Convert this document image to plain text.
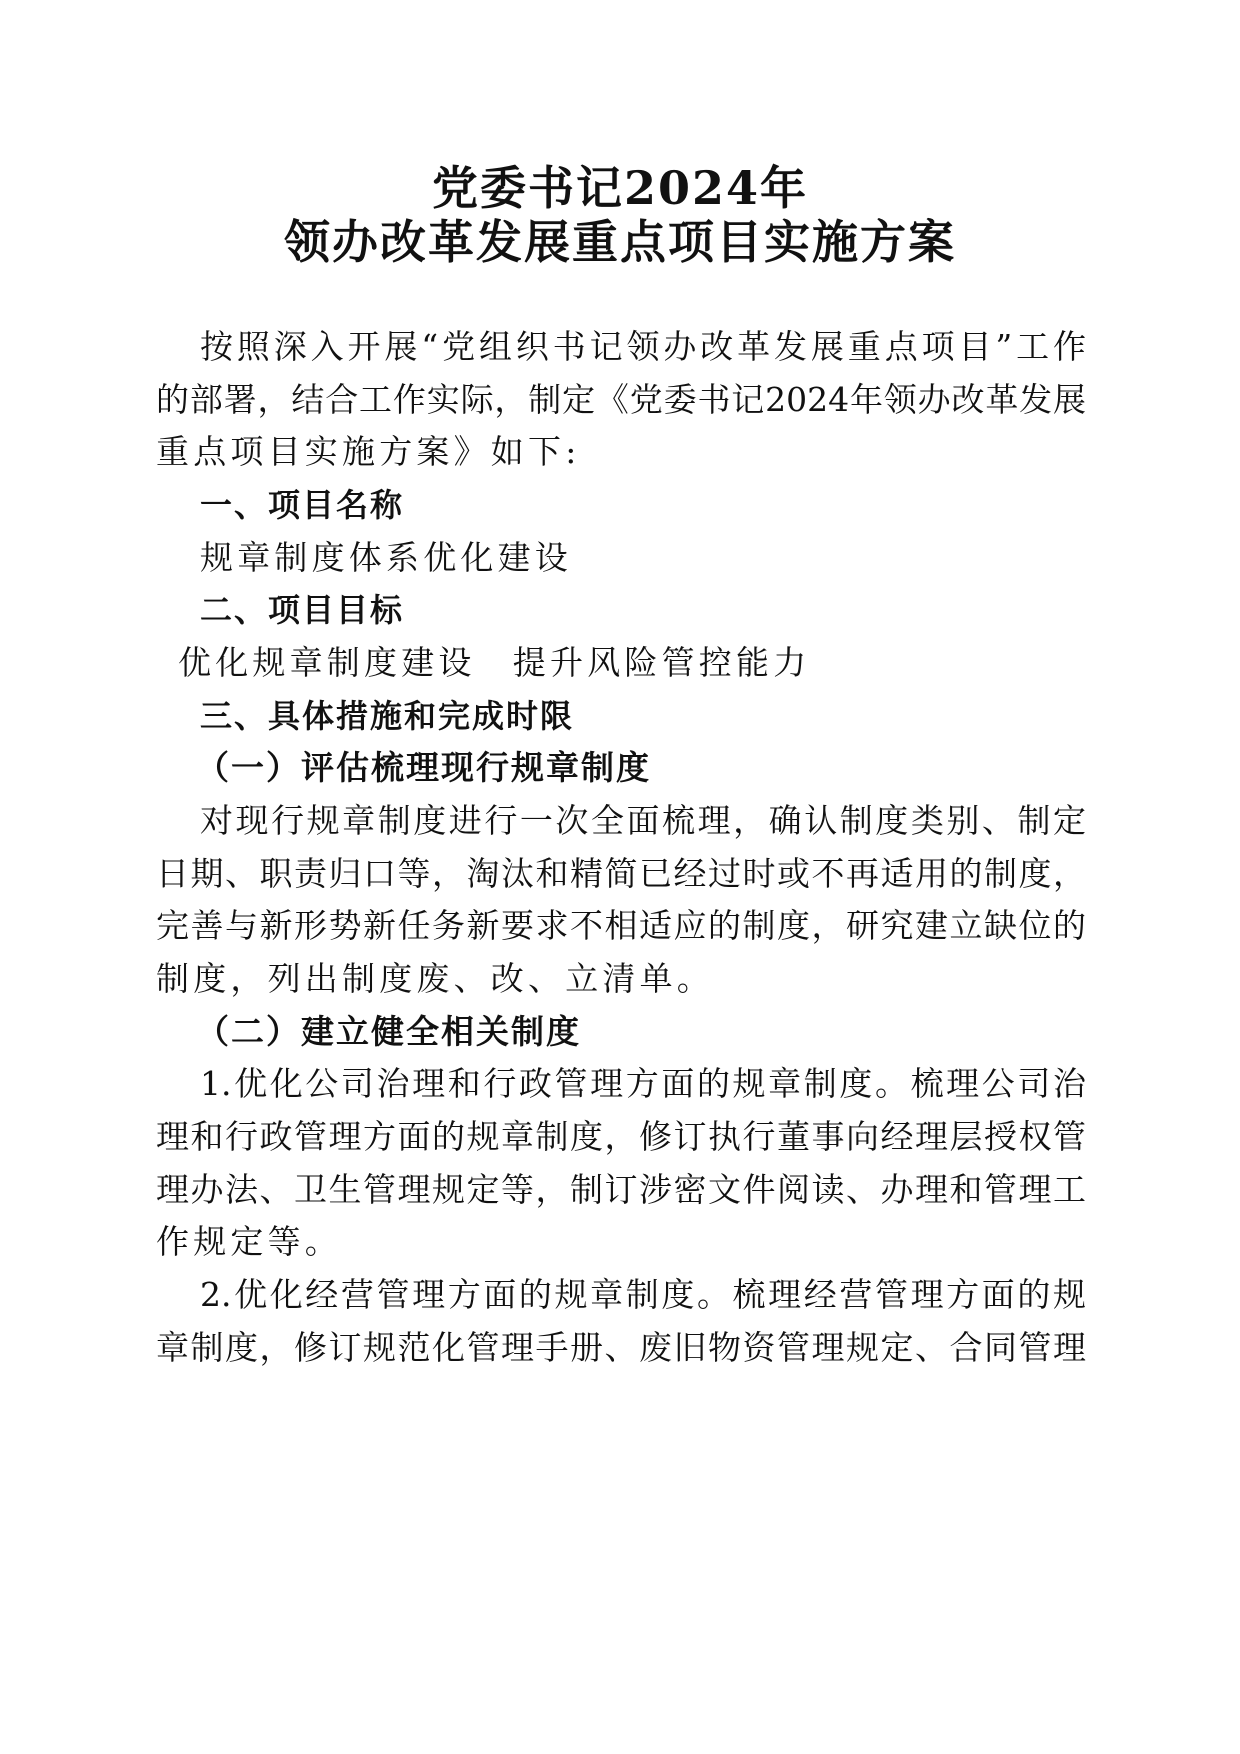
党委书记2024年
领办改革发展重点项目实施方案
按照深入开展“党组织书记领办改革发展重点项目”工作
的部署，结合工作实际，制定《党委书记2024年领办改革发展
重点项目实施方案》如下:
一、项目名称
规章制度体系优化建设
二、项目目标
优化规章制度建设　提升风险管控能力
三、具体措施和完成时限
（一）评估梳理现行规章制度
对现行规章制度进行一次全面梳理，确认制度类别、制定
日期、职责归口等，淘汰和精简已经过时或不再适用的制度，
完善与新形势新任务新要求不相适应的制度，研究建立缺位的
制度，列出制度废、改、立清单。
（二）建立健全相关制度
1.优化公司治理和行政管理方面的规章制度。梳理公司治
理和行政管理方面的规章制度，修订执行董事向经理层授权管
理办法、卫生管理规定等，制订涉密文件阅读、办理和管理工
作规定等。
2.优化经营管理方面的规章制度。梳理经营管理方面的规
章制度，修订规范化管理手册、废旧物资管理规定、合同管理
